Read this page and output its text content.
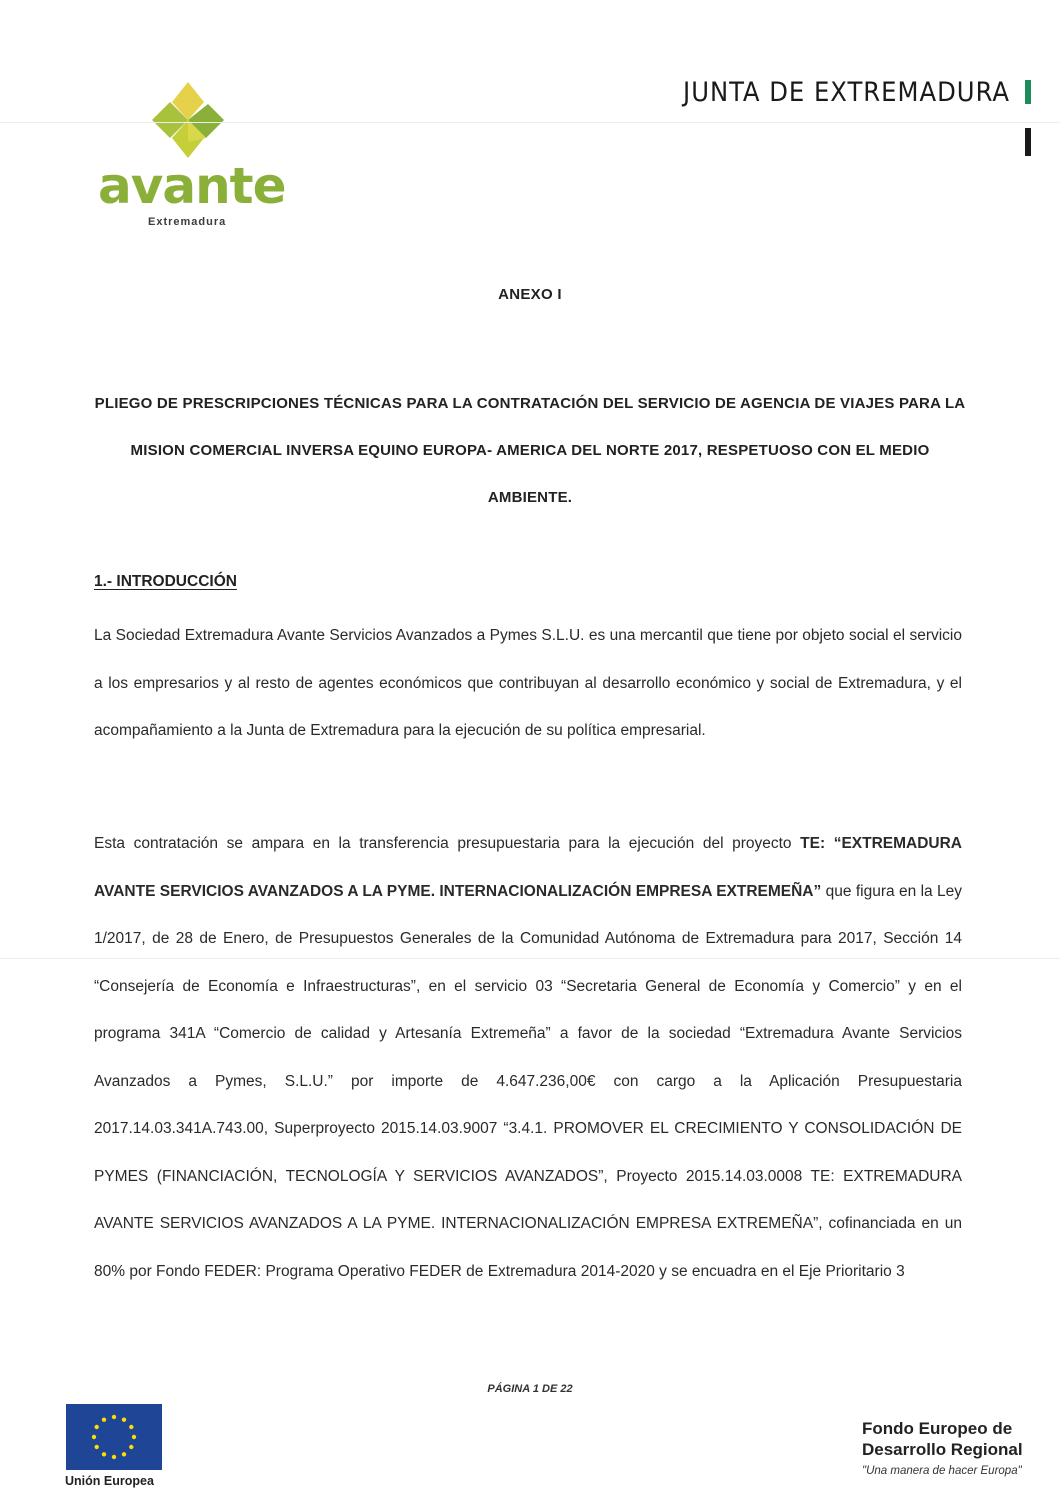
avante
Extremadura
JUNTA DE EXTREMADURA
ANEXO I
PLIEGO DE PRESCRIPCIONES TÉCNICAS PARA LA CONTRATACIÓN DEL SERVICIO DE AGENCIA DE VIAJES PARA LA MISION COMERCIAL INVERSA EQUINO EUROPA- AMERICA DEL NORTE 2017, RESPETUOSO CON EL MEDIO AMBIENTE.
1.- INTRODUCCIÓN
La Sociedad Extremadura Avante Servicios Avanzados a Pymes S.L.U. es una mercantil que tiene por objeto social el servicio a los empresarios y al resto de agentes económicos que contribuyan al desarrollo económico y social de Extremadura, y el acompañamiento a la Junta de Extremadura para la ejecución de su política empresarial.
Esta contratación se ampara en la transferencia presupuestaria para la ejecución del proyecto TE: “EXTREMADURA AVANTE SERVICIOS AVANZADOS A LA PYME. INTERNACIONALIZACIÓN EMPRESA EXTREMEÑA” que figura en la Ley 1/2017, de 28 de Enero, de Presupuestos Generales de la Comunidad Autónoma de Extremadura para 2017, Sección 14 “Consejería de Economía e Infraestructuras”, en el servicio 03 “Secretaria General de Economía y Comercio” y en el programa 341A “Comercio de calidad y Artesanía Extremeña” a favor de la sociedad “Extremadura Avante Servicios Avanzados a Pymes, S.L.U.” por importe de 4.647.236,00€ con cargo a la Aplicación Presupuestaria 2017.14.03.341A.743.00, Superproyecto 2015.14.03.9007 “3.4.1. PROMOVER EL CRECIMIENTO Y CONSOLIDACIÓN DE PYMES (FINANCIACIÓN, TECNOLOGÍA Y SERVICIOS AVANZADOS”, Proyecto 2015.14.03.0008 TE: EXTREMADURA AVANTE SERVICIOS AVANZADOS A LA PYME. INTERNACIONALIZACIÓN EMPRESA EXTREMEÑA”, cofinanciada en un 80% por Fondo FEDER: Programa Operativo FEDER de Extremadura 2014-2020 y se encuadra en el Eje Prioritario 3
Unión Europea
PÁGINA 1 DE 22
Fondo Europeo de
Desarrollo Regional
"Una manera de hacer Europa"
